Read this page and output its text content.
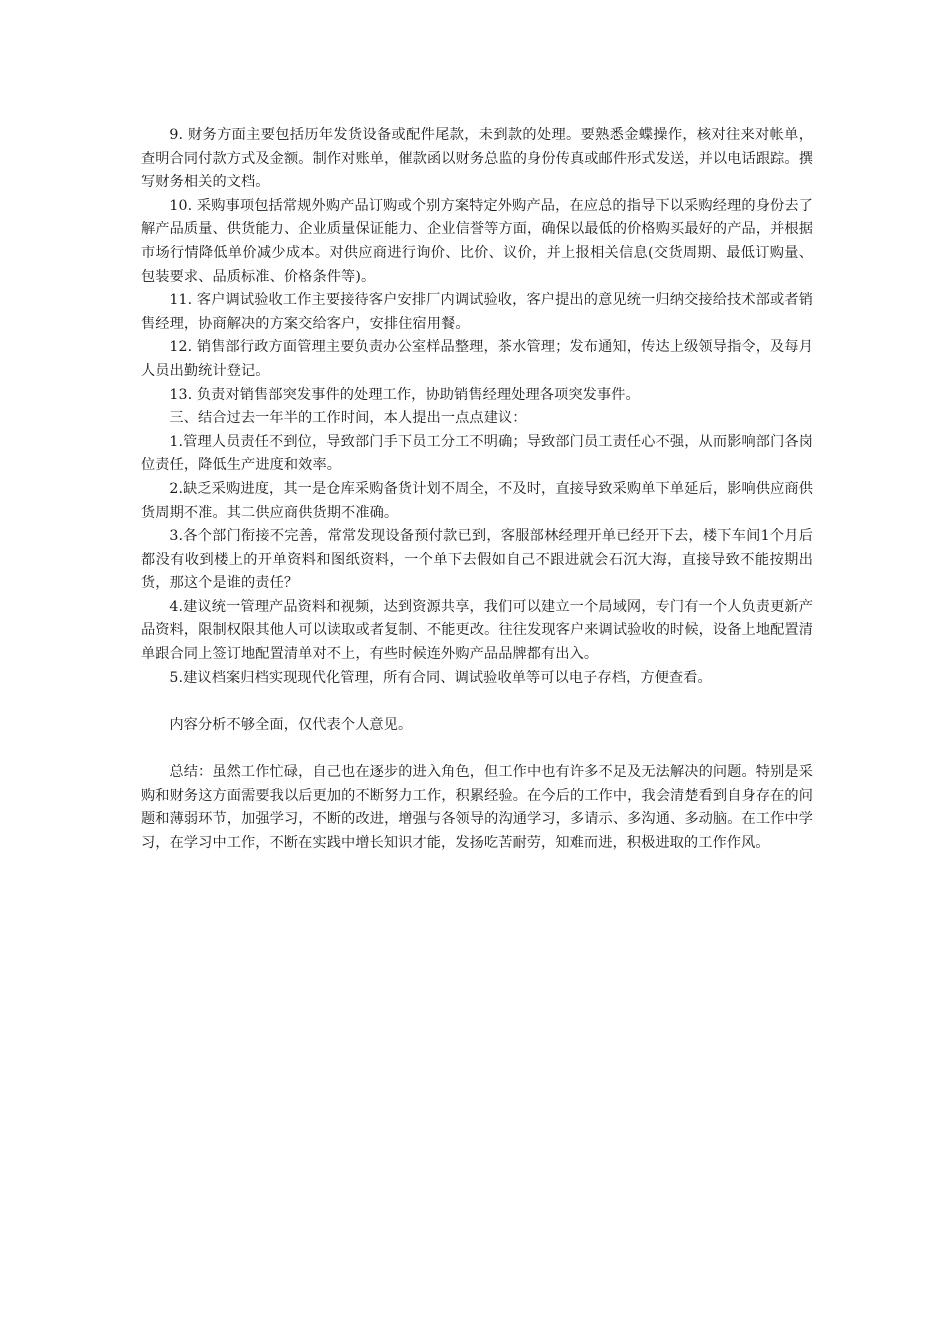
9. 财务方面主要包括历年发货设备或配件尾款，未到款的处理。要熟悉金蝶操作，核对往来对帐单，查明合同付款方式及金额。制作对账单，催款函以财务总监的身份传真或邮件形式发送，并以电话跟踪。撰写财务相关的文档。

10. 采购事项包括常规外购产品订购或个别方案特定外购产品，在应总的指导下以采购经理的身份去了解产品质量、供货能力、企业质量保证能力、企业信誉等方面，确保以最低的价格购买最好的产品，并根据市场行情降低单价减少成本。对供应商进行询价、比价、议价，并上报相关信息(交货周期、最低订购量、包装要求、品质标准、价格条件等)。

11. 客户调试验收工作主要接待客户安排厂内调试验收，客户提出的意见统一归纳交接给技术部或者销售经理，协商解决的方案交给客户，安排住宿用餐。

12. 销售部行政方面管理主要负责办公室样品整理，茶水管理；发布通知，传达上级领导指令，及每月人员出勤统计登记。

13. 负责对销售部突发事件的处理工作，协助销售经理处理各项突发事件。

三、结合过去一年半的工作时间，本人提出一点点建议：

1.管理人员责任不到位，导致部门手下员工分工不明确；导致部门员工责任心不强，从而影响部门各岗位责任，降低生产进度和效率。

2.缺乏采购进度，其一是仓库采购备货计划不周全，不及时，直接导致采购单下单延后，影响供应商供货周期不准。其二供应商供货期不准确。

3.各个部门衔接不完善，常常发现设备预付款已到，客服部林经理开单已经开下去，楼下车间1个月后都没有收到楼上的开单资料和图纸资料，一个单下去假如自己不跟进就会石沉大海，直接导致不能按期出货，那这个是谁的责任？

4.建议统一管理产品资料和视频，达到资源共享，我们可以建立一个局域网，专门有一个人负责更新产品资料，限制权限其他人可以读取或者复制、不能更改。往往发现客户来调试验收的时候，设备上地配置清单跟合同上签订地配置清单对不上，有些时候连外购产品品牌都有出入。

5.建议档案归档实现现代化管理，所有合同、调试验收单等可以电子存档，方便查看。

内容分析不够全面，仅代表个人意见。

总结：虽然工作忙碌，自己也在逐步的进入角色，但工作中也有许多不足及无法解决的问题。特别是采购和财务这方面需要我以后更加的不断努力工作，积累经验。在今后的工作中，我会清楚看到自身存在的问题和薄弱环节，加强学习，不断的改进，增强与各领导的沟通学习，多请示、多沟通、多动脑。在工作中学习，在学习中工作，不断在实践中增长知识才能，发扬吃苦耐劳，知难而进，积极进取的工作作风。
